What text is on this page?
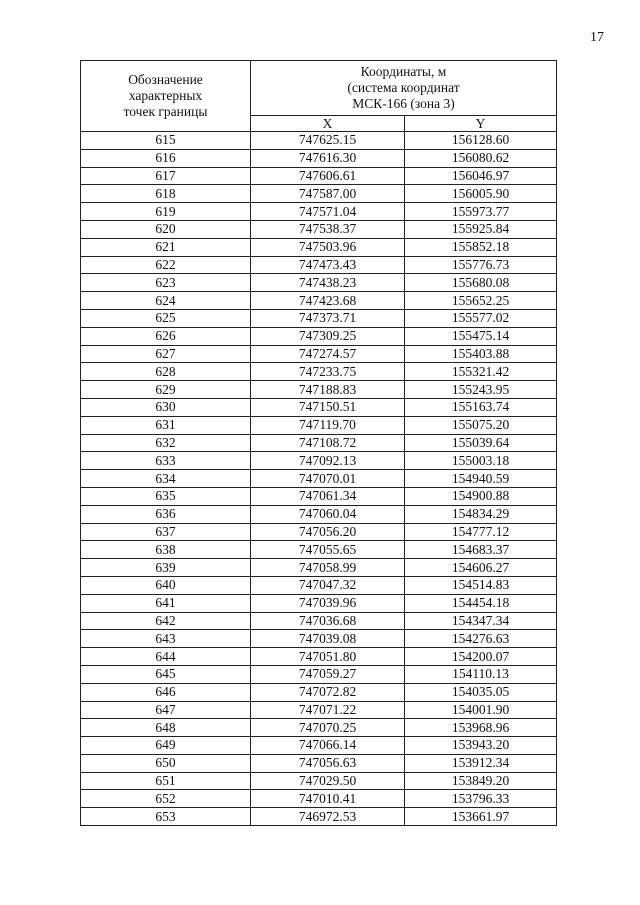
17
Обозначение
характерных
точек границы	Координаты, м
(система координат
МСК-166 (зона 3)	

	X	Y
615	747625.15	156128.60
616	747616.30	156080.62
617	747606.61	156046.97
618	747587.00	156005.90
619	747571.04	155973.77
620	747538.37	155925.84
621	747503.96	155852.18
622	747473.43	155776.73
623	747438.23	155680.08
624	747423.68	155652.25
625	747373.71	155577.02
626	747309.25	155475.14
627	747274.57	155403.88
628	747233.75	155321.42
629	747188.83	155243.95
630	747150.51	155163.74
631	747119.70	155075.20
632	747108.72	155039.64
633	747092.13	155003.18
634	747070.01	154940.59
635	747061.34	154900.88
636	747060.04	154834.29
637	747056.20	154777.12
638	747055.65	154683.37
639	747058.99	154606.27
640	747047.32	154514.83
641	747039.96	154454.18
642	747036.68	154347.34
643	747039.08	154276.63
644	747051.80	154200.07
645	747059.27	154110.13
646	747072.82	154035.05
647	747071.22	154001.90
648	747070.25	153968.96
649	747066.14	153943.20
650	747056.63	153912.34
651	747029.50	153849.20
652	747010.41	153796.33
653	746972.53	153661.97
